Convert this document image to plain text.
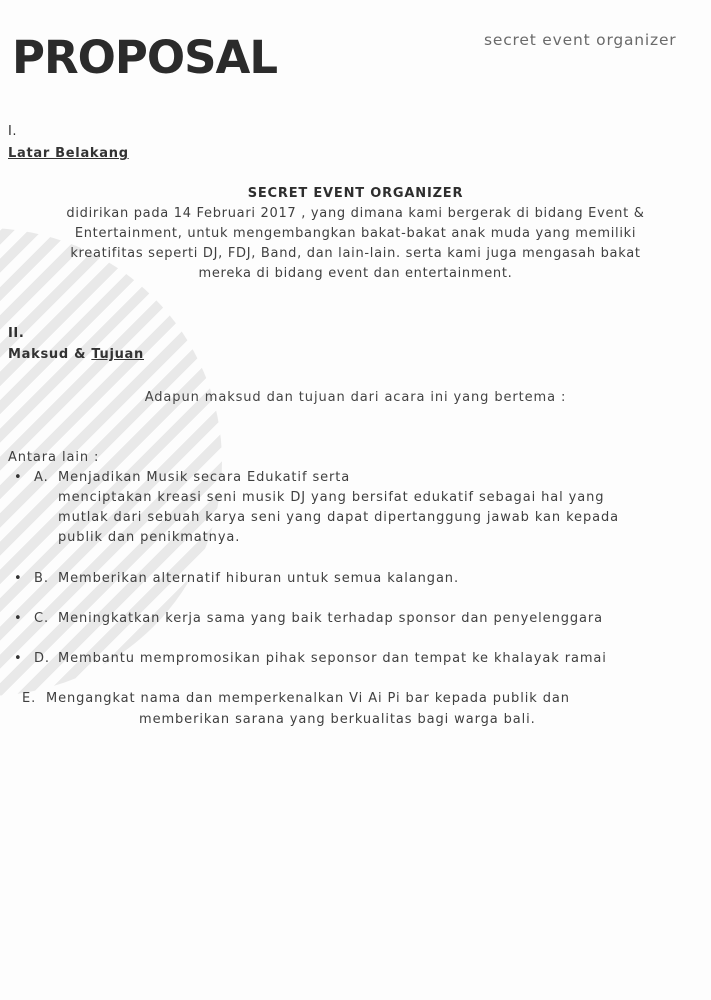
PROPOSAL	secret event organizer
I.
Latar Belakang
SECRET EVENT ORGANIZER
didirikan pada 14 Februari 2017 , yang dimana kami bergerak di bidang Event &
Entertainment, untuk mengembangkan bakat-bakat anak muda yang memiliki
kreatifitas seperti DJ, FDJ, Band, dan lain-lain. serta kami juga mengasah bakat
mereka di bidang event dan entertainment.
II.
Maksud & Tujuan
Adapun maksud dan tujuan dari acara ini yang bertema :
Antara lain :
• A. Menjadikan Musik secara Edukatif serta
menciptakan kreasi seni musik DJ yang bersifat edukatif sebagai hal yang
mutlak dari sebuah karya seni yang dapat dipertanggung jawab kan kepada
publik dan penikmatnya.
• B. Memberikan alternatif hiburan untuk semua kalangan.
• C. Meningkatkan kerja sama yang baik terhadap sponsor dan penyelenggara
• D. Membantu mempromosikan pihak seponsor dan tempat ke khalayak ramai
E. Mengangkat nama dan memperkenalkan Vi Ai Pi bar kepada publik dan
memberikan sarana yang berkualitas bagi warga bali.
